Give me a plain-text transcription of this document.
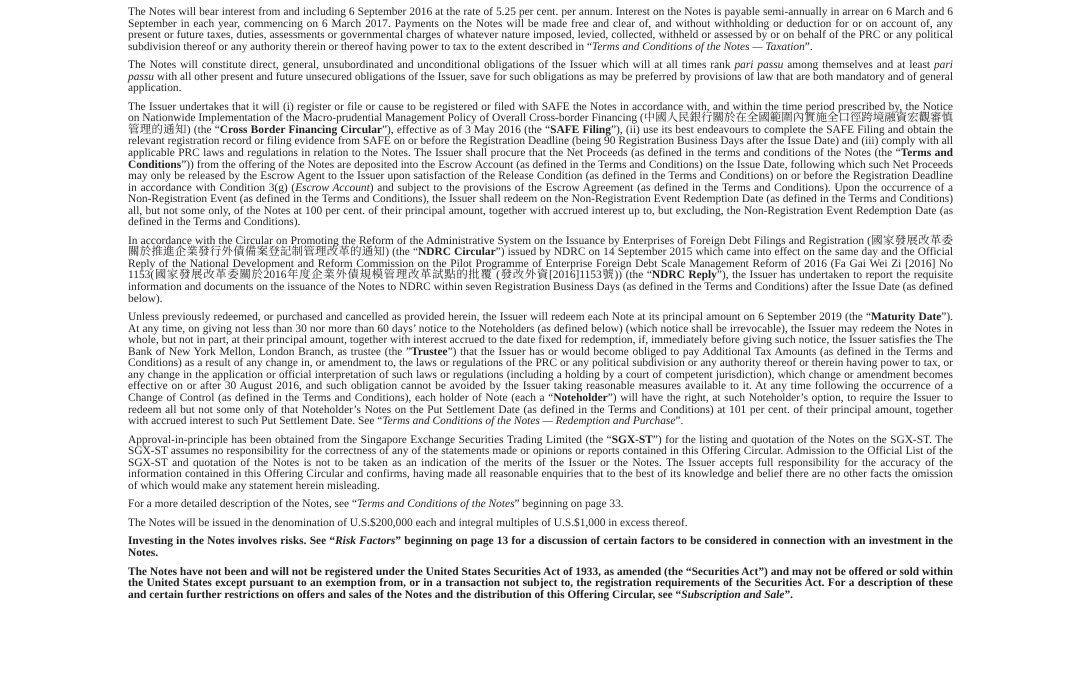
The Notes will bear interest from and including 6 September 2016 at the rate of 5.25 per cent. per annum. Interest on the Notes is payable semi-annually in arrear on 6 March and 6 September in each year, commencing on 6 March 2017. Payments on the Notes will be made free and clear of, and without withholding or deduction for or on account of, any present or future taxes, duties, assessments or governmental charges of whatever nature imposed, levied, collected, withheld or assessed by or on behalf of the PRC or any political subdivision thereof or any authority therein or thereof having power to tax to the extent described in “Terms and Conditions of the Notes — Taxation”.

The Notes will constitute direct, general, unsubordinated and unconditional obligations of the Issuer which will at all times rank pari passu among themselves and at least pari passu with all other present and future unsecured obligations of the Issuer, save for such obligations as may be preferred by provisions of law that are both mandatory and of general application.

The Issuer undertakes that it will (i) register or file or cause to be registered or filed with SAFE the Notes in accordance with, and within the time period prescribed by, the Notice on Nationwide Implementation of the Macro-prudential Management Policy of Overall Cross-border Financing (中國人民銀行關於在全國範圍內實施全口徑跨境融資宏觀審慎管理的通知) (the “Cross Border Financing Circular”), effective as of 3 May 2016 (the “SAFE Filing”), (ii) use its best endeavours to complete the SAFE Filing and obtain the relevant registration record or filing evidence from SAFE on or before the Registration Deadline (being 90 Registration Business Days after the Issue Date) and (iii) comply with all applicable PRC laws and regulations in relation to the Notes. The Issuer shall procure that the Net Proceeds (as defined in the terms and conditions of the Notes (the “Terms and Conditions”)) from the offering of the Notes are deposited into the Escrow Account (as defined in the Terms and Conditions) on the Issue Date, following which such Net Proceeds may only be released by the Escrow Agent to the Issuer upon satisfaction of the Release Condition (as defined in the Terms and Conditions) on or before the Registration Deadline in accordance with Condition 3(g) (Escrow Account) and subject to the provisions of the Escrow Agreement (as defined in the Terms and Conditions). Upon the occurrence of a Non-Registration Event (as defined in the Terms and Conditions), the Issuer shall redeem on the Non-Registration Event Redemption Date (as defined in the Terms and Conditions) all, but not some only, of the Notes at 100 per cent. of their principal amount, together with accrued interest up to, but excluding, the Non-Registration Event Redemption Date (as defined in the Terms and Conditions).

In accordance with the Circular on Promoting the Reform of the Administrative System on the Issuance by Enterprises of Foreign Debt Filings and Registration (國家發展改革委關於推進企業發行外債備案登記制管理改革的通知) (the “NDRC Circular”) issued by NDRC on 14 September 2015 which came into effect on the same day and the Official Reply of the National Development and Reform Commission on the Pilot Programme of Enterprise Foreign Debt Scale Management Reform of 2016 (Fa Gai Wei Zi [2016] No 1153(國家發展改革委關於2016年度企業外債規模管理改革試點的批覆 (發改外資[2016]1153號)) (the “NDRC Reply”), the Issuer has undertaken to report the requisite information and documents on the issuance of the Notes to NDRC within seven Registration Business Days (as defined in the Terms and Conditions) after the Issue Date (as defined below).

Unless previously redeemed, or purchased and cancelled as provided herein, the Issuer will redeem each Note at its principal amount on 6 September 2019 (the “Maturity Date”). At any time, on giving not less than 30 nor more than 60 days’ notice to the Noteholders (as defined below) (which notice shall be irrevocable), the Issuer may redeem the Notes in whole, but not in part, at their principal amount, together with interest accrued to the date fixed for redemption, if, immediately before giving such notice, the Issuer satisfies the The Bank of New York Mellon, London Branch, as trustee (the ”Trustee”) that the Issuer has or would become obliged to pay Additional Tax Amounts (as defined in the Terms and Conditions) as a result of any change in, or amendment to, the laws or regulations of the PRC or any political subdivision or any authority thereof or therein having power to tax, or any change in the application or official interpretation of such laws or regulations (including a holding by a court of competent jurisdiction), which change or amendment becomes effective on or after 30 August 2016, and such obligation cannot be avoided by the Issuer taking reasonable measures available to it. At any time following the occurrence of a Change of Control (as defined in the Terms and Conditions), each holder of Note (each a “Noteholder”) will have the right, at such Noteholder’s option, to require the Issuer to redeem all but not some only of that Noteholder’s Notes on the Put Settlement Date (as defined in the Terms and Conditions) at 101 per cent. of their principal amount, together with accrued interest to such Put Settlement Date. See “Terms and Conditions of the Notes — Redemption and Purchase”.

Approval-in-principle has been obtained from the Singapore Exchange Securities Trading Limited (the “SGX-ST”) for the listing and quotation of the Notes on the SGX-ST. The SGX-ST assumes no responsibility for the correctness of any of the statements made or opinions or reports contained in this Offering Circular. Admission to the Official List of the SGX-ST and quotation of the Notes is not to be taken as an indication of the merits of the Issuer or the Notes. The Issuer accepts full responsibility for the accuracy of the information contained in this Offering Circular and confirms, having made all reasonable enquiries that to the best of its knowledge and belief there are no other facts the omission of which would make any statement herein misleading.

For a more detailed description of the Notes, see “Terms and Conditions of the Notes” beginning on page 33.

The Notes will be issued in the denomination of U.S.$200,000 each and integral multiples of U.S.$1,000 in excess thereof.

Investing in the Notes involves risks. See “Risk Factors” beginning on page 13 for a discussion of certain factors to be considered in connection with an investment in the Notes.

The Notes have not been and will not be registered under the United States Securities Act of 1933, as amended (the “Securities Act”) and may not be offered or sold within the United States except pursuant to an exemption from, or in a transaction not subject to, the registration requirements of the Securities Act. For a description of these and certain further restrictions on offers and sales of the Notes and the distribution of this Offering Circular, see “Subscription and Sale”.
